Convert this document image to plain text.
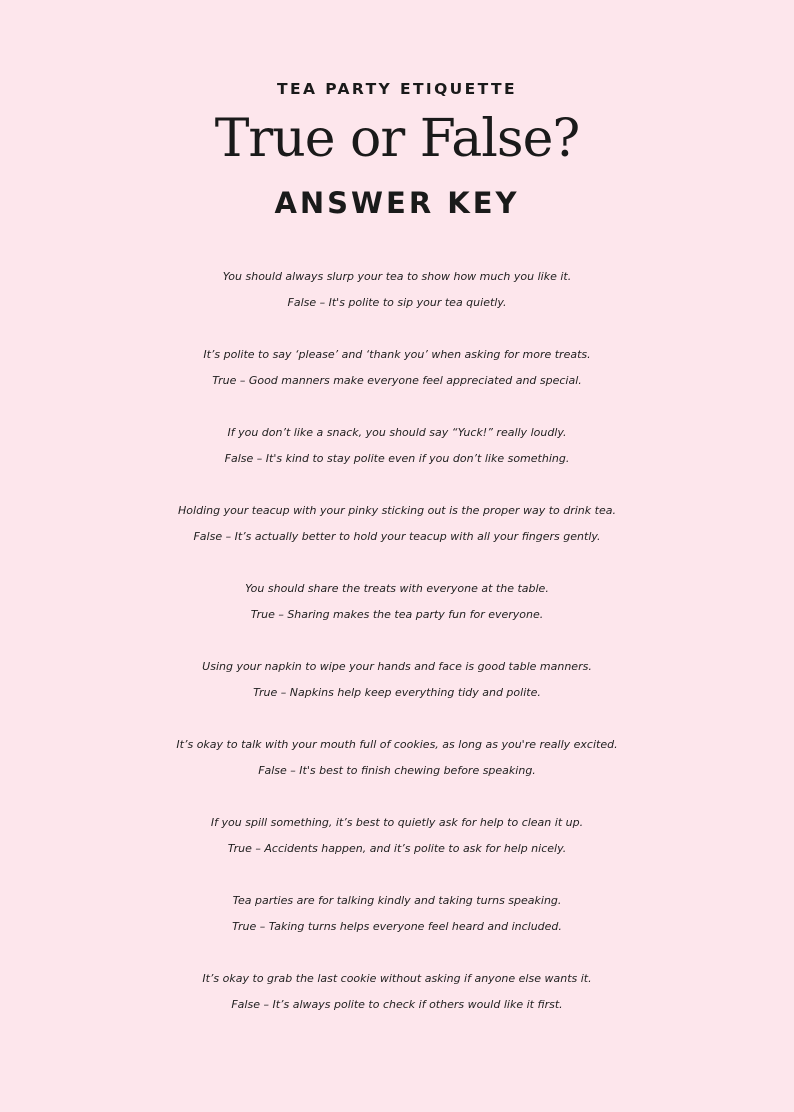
TEA PARTY ETIQUETTE
True or False?
ANSWER KEY
You should always slurp your tea to show how much you like it.
False – It's polite to sip your tea quietly.
It’s polite to say ‘please’ and ‘thank you’ when asking for more treats.
True – Good manners make everyone feel appreciated and special.
If you don’t like a snack, you should say “Yuck!” really loudly.
False – It's kind to stay polite even if you don’t like something.
Holding your teacup with your pinky sticking out is the proper way to drink tea.
False – It’s actually better to hold your teacup with all your fingers gently.
You should share the treats with everyone at the table.
True – Sharing makes the tea party fun for everyone.
Using your napkin to wipe your hands and face is good table manners.
True – Napkins help keep everything tidy and polite.
It’s okay to talk with your mouth full of cookies, as long as you're really excited.
False – It's best to finish chewing before speaking.
If you spill something, it’s best to quietly ask for help to clean it up.
True – Accidents happen, and it’s polite to ask for help nicely.
Tea parties are for talking kindly and taking turns speaking.
True – Taking turns helps everyone feel heard and included.
It’s okay to grab the last cookie without asking if anyone else wants it.
False – It’s always polite to check if others would like it first.
